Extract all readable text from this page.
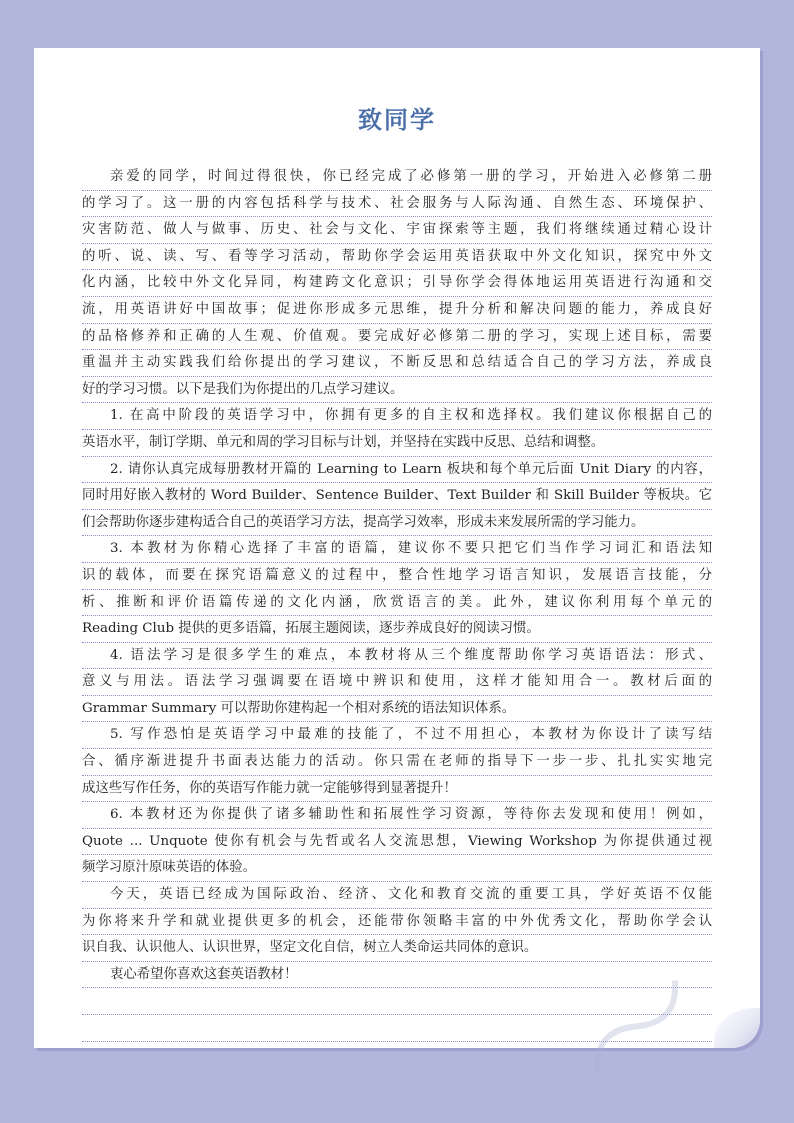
致同学
亲爱的同学，时间过得很快，你已经完成了必修第一册的学习，开始进入必修第二册
的学习了。这一册的内容包括科学与技术、社会服务与人际沟通、自然生态、环境保护、
灾害防范、做人与做事、历史、社会与文化、宇宙探索等主题，我们将继续通过精心设计
的听、说、读、写、看等学习活动，帮助你学会运用英语获取中外文化知识，探究中外文
化内涵，比较中外文化异同，构建跨文化意识；引导你学会得体地运用英语进行沟通和交
流，用英语讲好中国故事；促进你形成多元思维，提升分析和解决问题的能力，养成良好
的品格修养和正确的人生观、价值观。要完成好必修第二册的学习，实现上述目标，需要
重温并主动实践我们给你提出的学习建议，不断反思和总结适合自己的学习方法，养成良
好的学习习惯。以下是我们为你提出的几点学习建议。
1. 在高中阶段的英语学习中，你拥有更多的自主权和选择权。我们建议你根据自己的
英语水平，制订学期、单元和周的学习目标与计划，并坚持在实践中反思、总结和调整。
2. 请你认真完成每册教材开篇的 Learning to Learn 板块和每个单元后面 Unit Diary 的内容，
同时用好嵌入教材的 Word Builder、Sentence Builder、Text Builder 和 Skill Builder 等板块。它
们会帮助你逐步建构适合自己的英语学习方法，提高学习效率，形成未来发展所需的学习能力。
3. 本教材为你精心选择了丰富的语篇，建议你不要只把它们当作学习词汇和语法知
识的载体，而要在探究语篇意义的过程中，整合性地学习语言知识，发展语言技能，分
析、推断和评价语篇传递的文化内涵，欣赏语言的美。此外，建议你利用每个单元的
Reading Club 提供的更多语篇，拓展主题阅读，逐步养成良好的阅读习惯。
4. 语法学习是很多学生的难点，本教材将从三个维度帮助你学习英语语法：形式、
意义与用法。语法学习强调要在语境中辨识和使用，这样才能知用合一。教材后面的
Grammar Summary 可以帮助你建构起一个相对系统的语法知识体系。
5. 写作恐怕是英语学习中最难的技能了，不过不用担心，本教材为你设计了读写结
合、循序渐进提升书面表达能力的活动。你只需在老师的指导下一步一步、扎扎实实地完
成这些写作任务，你的英语写作能力就一定能够得到显著提升！
6. 本教材还为你提供了诸多辅助性和拓展性学习资源，等待你去发现和使用！例如，
Quote ... Unquote 使你有机会与先哲或名人交流思想，Viewing Workshop 为你提供通过视
频学习原汁原味英语的体验。
今天，英语已经成为国际政治、经济、文化和教育交流的重要工具，学好英语不仅能
为你将来升学和就业提供更多的机会，还能带你领略丰富的中外优秀文化，帮助你学会认
识自我、认识他人、认识世界，坚定文化自信，树立人类命运共同体的意识。
衷心希望你喜欢这套英语教材！
